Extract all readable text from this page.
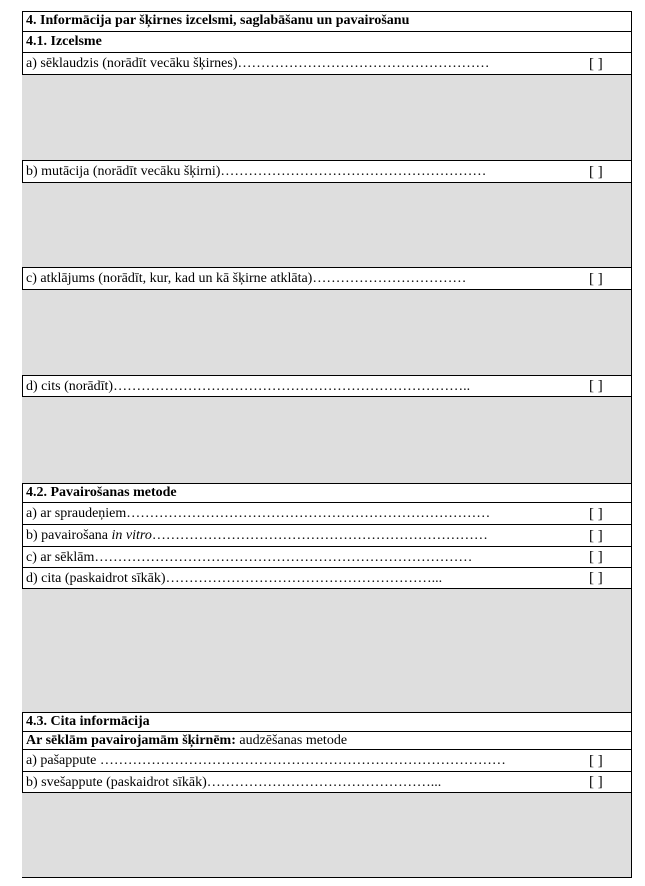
4. Informācija par šķirnes izcelsmi, saglabāšanu un pavairošanu
4.1. Izcelsme
a) sēklaudzis (norādīt vecāku šķirnes)………………………………………………	[ ]
b) mutācija (norādīt vecāku šķirni)…………………………………………………	[ ]
c) atklājums (norādīt, kur, kad un kā šķirne atklāta)……………………………	[ ]
d) cits (norādīt)…………………………………………………………………..	[ ]
4.2. Pavairošanas metode
a) ar spraudeņiem……………………………………………………………………	[ ]
b) pavairošana in vitro………………………………………………………………	[ ]
c) ar sēklām………………………………………………………………………	[ ]
d) cita (paskaidrot sīkāk)…………………………………………………...	[ ]
4.3. Cita informācija
Ar sēklām pavairojamām šķirnēm: audzēšanas metode
a) pašappute ……………………………………………………………………………	[ ]
b) svešappute (paskaidrot sīkāk)…………………………………………...	[ ]
